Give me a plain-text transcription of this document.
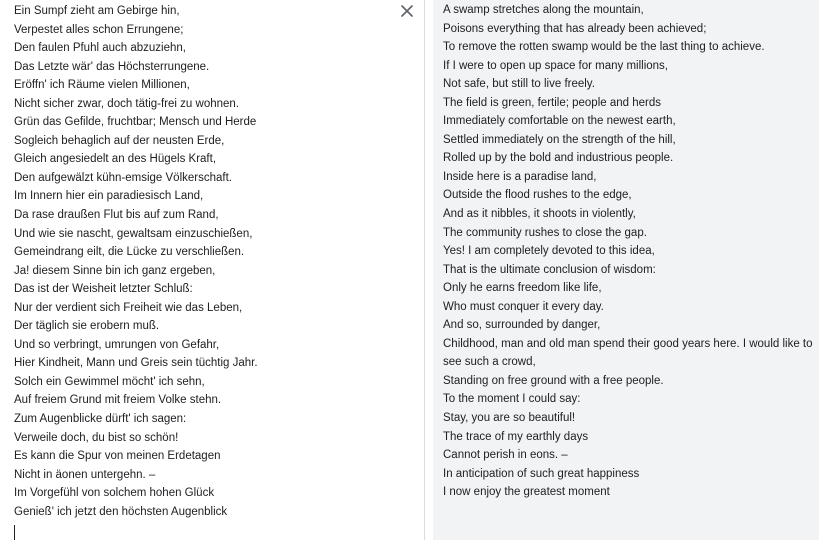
Ein Sumpf zieht am Gebirge hin,
Verpestet alles schon Errungene;
Den faulen Pfuhl auch abzuziehn,
Das Letzte wär' das Höchsterrungene.
Eröffn' ich Räume vielen Millionen,
Nicht sicher zwar, doch tätig-frei zu wohnen.
Grün das Gefilde, fruchtbar; Mensch und Herde
Sogleich behaglich auf der neusten Erde,
Gleich angesiedelt an des Hügels Kraft,
Den aufgewälzt kühn-emsige Völkerschaft.
Im Innern hier ein paradiesisch Land,
Da rase draußen Flut bis auf zum Rand,
Und wie sie nascht, gewaltsam einzuschießen,
Gemeindrang eilt, die Lücke zu verschließen.
Ja! diesem Sinne bin ich ganz ergeben,
Das ist der Weisheit letzter Schluß:
Nur der verdient sich Freiheit wie das Leben,
Der täglich sie erobern muß.
Und so verbringt, umrungen von Gefahr,
Hier Kindheit, Mann und Greis sein tüchtig Jahr.
Solch ein Gewimmel möcht' ich sehn,
Auf freiem Grund mit freiem Volke stehn.
Zum Augenblicke dürft' ich sagen:
Verweile doch, du bist so schön!
Es kann die Spur von meinen Erdetagen
Nicht in äonen untergehn. –
Im Vorgefühl von solchem hohen Glück
Genieß' ich jetzt den höchsten Augenblick
A swamp stretches along the mountain,
Poisons everything that has already been achieved;
To remove the rotten swamp would be the last thing to achieve.
If I were to open up space for many millions,
Not safe, but still to live freely.
The field is green, fertile; people and herds
Immediately comfortable on the newest earth,
Settled immediately on the strength of the hill,
Rolled up by the bold and industrious people.
Inside here is a paradise land,
Outside the flood rushes to the edge,
And as it nibbles, it shoots in violently,
The community rushes to close the gap.
Yes! I am completely devoted to this idea,
That is the ultimate conclusion of wisdom:
Only he earns freedom like life,
Who must conquer it every day.
And so, surrounded by danger,
Childhood, man and old man spend their good years here. I would like to see such a crowd,
Standing on free ground with a free people.
To the moment I could say:
Stay, you are so beautiful!
The trace of my earthly days
Cannot perish in eons. –
In anticipation of such great happiness
I now enjoy the greatest moment
